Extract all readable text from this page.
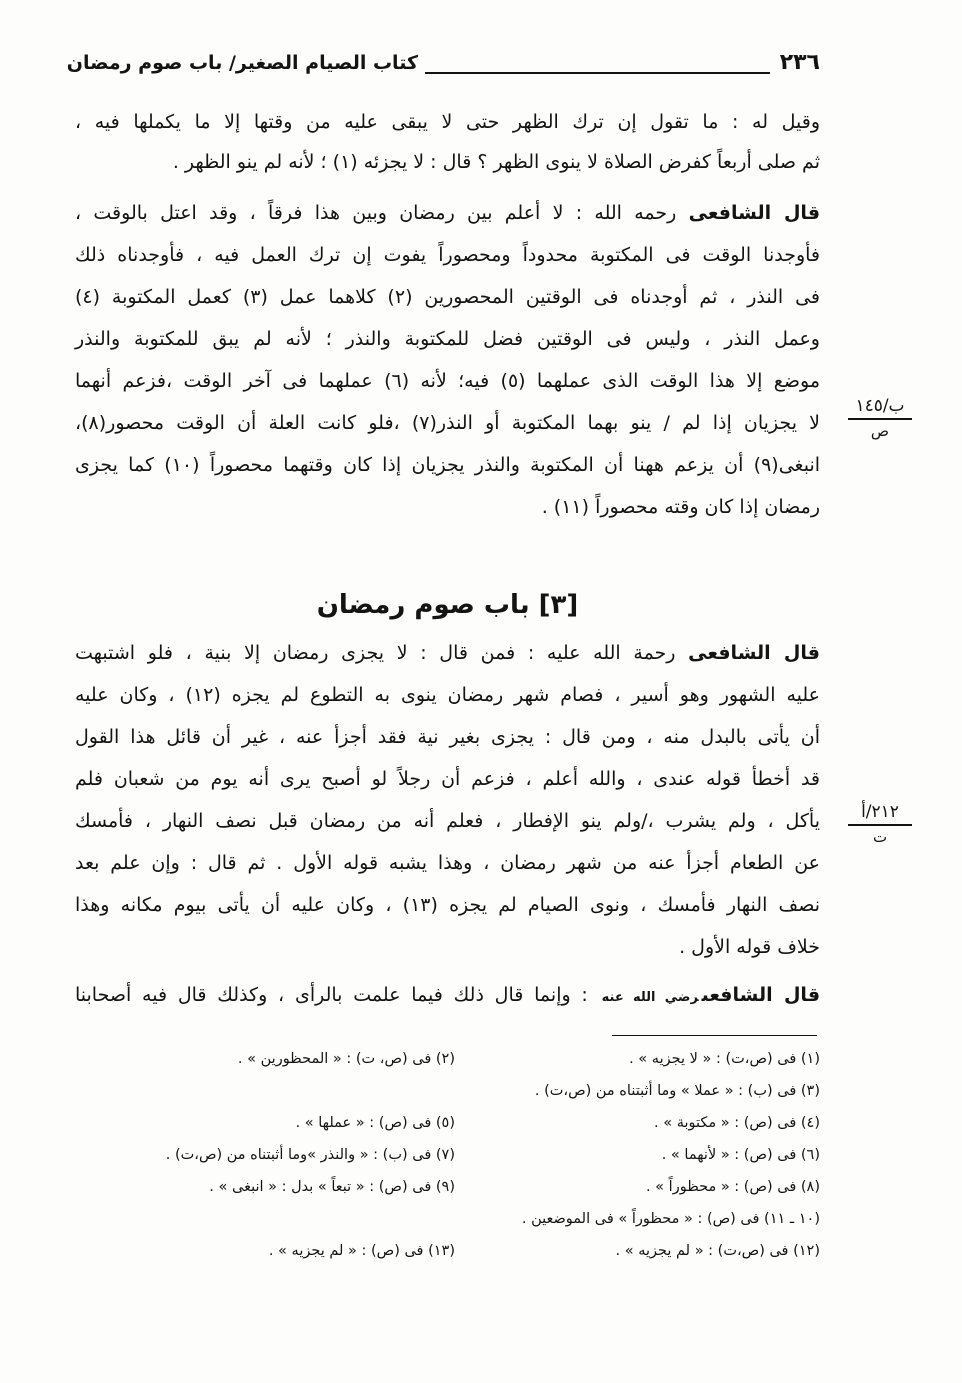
٢٣٦
كتاب الصيام الصغير/ باب صوم رمضان
وقيل له : ما تقول إن ترك الظهر حتى لا يبقى عليه من وقتها إلا ما يكملها فيه ،
ثم صلى أربعاً كفرض الصلاة لا ينوى الظهر ؟ قال : لا يجزئه (١) ؛ لأنه لم ينو الظهر .
قال الشافعى رحمه الله : لا أعلم بين رمضان وبين هذا فرقاً ، وقد اعتل بالوقت ،
فأوجدنا الوقت فى المكتوبة محدوداً ومحصوراً يفوت إن ترك العمل فيه ، فأوجدناه ذلك
فى النذر ، ثم أوجدناه فى الوقتين المحصورين (٢) كلاهما عمل (٣) كعمل المكتوبة (٤)
وعمل النذر ، وليس فى الوقتين فضل للمكتوبة والنذر ؛ لأنه لم يبق للمكتوبة والنذر
موضع إلا هذا الوقت الذى عملهما (٥) فيه؛ لأنه (٦) عملهما فى آخر الوقت ،فزعم أنهما
لا يجزيان إذا لم / ينو بهما المكتوبة أو النذر(٧) ،فلو كانت العلة أن الوقت محصور(٨)،
انبغى(٩) أن يزعم ههنا أن المكتوبة والنذر يجزيان إذا كان وقتهما محصوراً (١٠) كما يجزى
رمضان إذا كان وقته محصوراً (١١) .
١٤٥/ب
ص
[٣] باب صوم رمضان
قال الشافعى رحمة الله عليه : فمن قال : لا يجزى رمضان إلا بنية ، فلو اشتبهت
عليه الشهور وهو أسير ، فصام شهر رمضان ينوى به التطوع لم يجزه (١٢) ، وكان عليه
أن يأتى بالبدل منه ، ومن قال : يجزى بغير نية فقد أجزأ عنه ، غير أن قائل هذا القول
قد أخطأ قوله عندى ، والله أعلم ، فزعم أن رجلاً لو أصبح يرى أنه يوم من شعبان فلم
يأكل ، ولم يشرب ،/ولم ينو الإفطار ، فعلم أنه من رمضان قبل نصف النهار ، فأمسك
عن الطعام أجزأ عنه من شهر رمضان ، وهذا يشبه قوله الأول . ثم قال : وإن علم بعد
نصف النهار فأمسك ، ونوى الصيام لم يجزه (١٣) ، وكان عليه أن يأتى بيوم مكانه وهذا
خلاف قوله الأول .
٢١٢/أ
ت
قال الشافعىرضي الله عنه : وإنما قال ذلك فيما علمت بالرأى ، وكذلك قال فيه أصحابنا
(١) فى (ص،ت) : « لا يجزيه » .
(٢) فى (ص، ت) : « المحظورين » .
(٣) فى (ب) : « عملا » وما أثبتناه من (ص،ت) .
(٤) فى (ص) : « مكتوبة » .
(٥) فى (ص) : « عملها » .
(٦) فى (ص) : « لأنهما » .
(٧) فى (ب) : « والنذر »وما أثبتناه من (ص،ت) .
(٨) فى (ص) : « محظوراً » .
(٩) فى (ص) : « تبعاً » بدل : « انبغى » .
(١٠ ـ ١١) فى (ص) : « محظوراً » فى الموضعين .
(١٢) فى (ص،ت) : « لم يجزيه » .
(١٣) فى (ص) : « لم يجزيه » .
